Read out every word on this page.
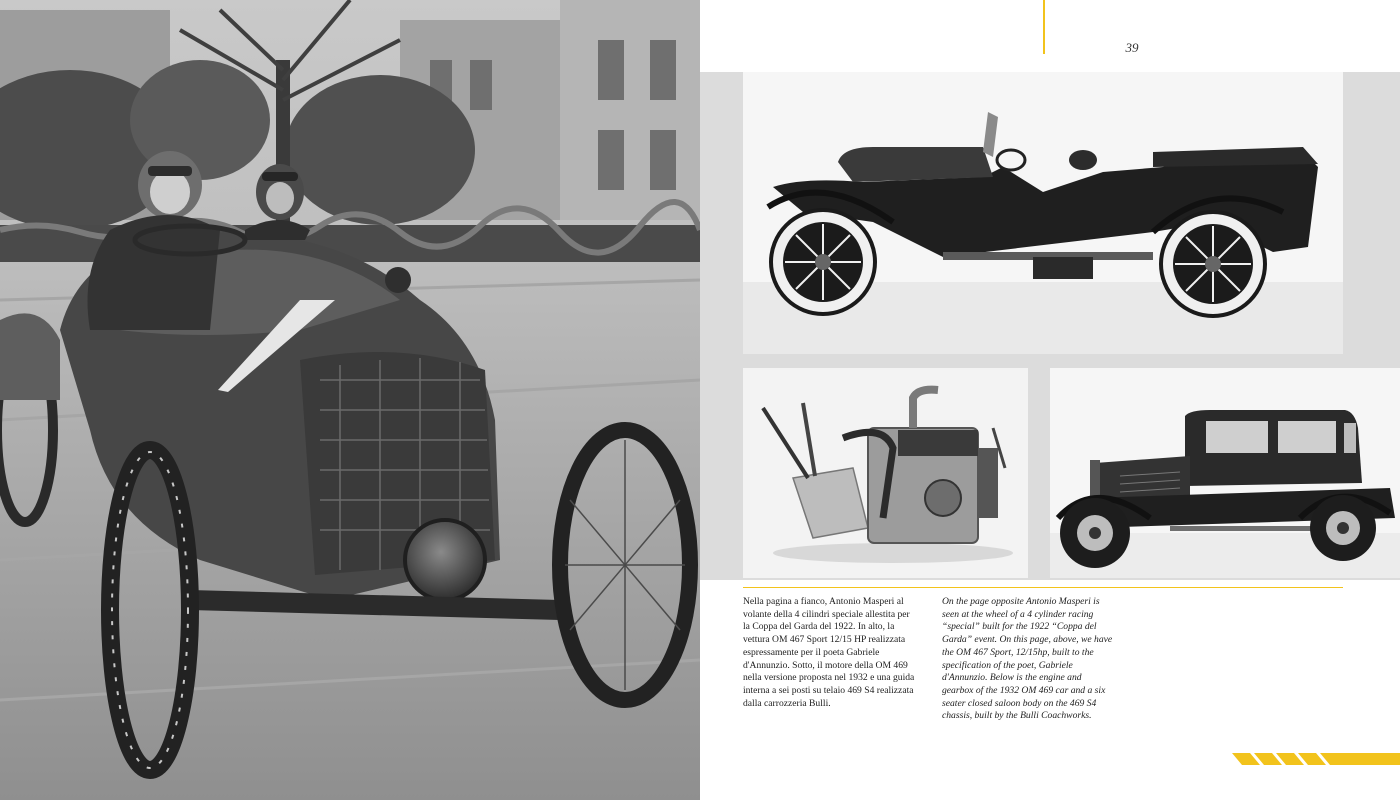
39
Nella pagina a fianco, Antonio Masperi al volante della 4 cilindri speciale allestita per la Coppa del Garda del 1922. In alto, la vettura OM 467 Sport 12/15 HP realizzata espressamente per il poeta Gabriele d'Annunzio. Sotto, il motore della OM 469 nella versione proposta nel 1932 e una guida interna a sei posti su telaio 469 S4 realizzata dalla carrozzeria Bulli.
On the page opposite Antonio Masperi is seen at the wheel of a 4 cylinder racing “special” built for the 1922 “Coppa del Garda” event. On this page, above, we have the OM 467 Sport, 12/15hp, built to the specification of the poet, Gabriele d'Annunzio. Below is the engine and gearbox of the 1932 OM 469 car and a six seater closed saloon body on the 469 S4 chassis, built by the Bulli Coachworks.
